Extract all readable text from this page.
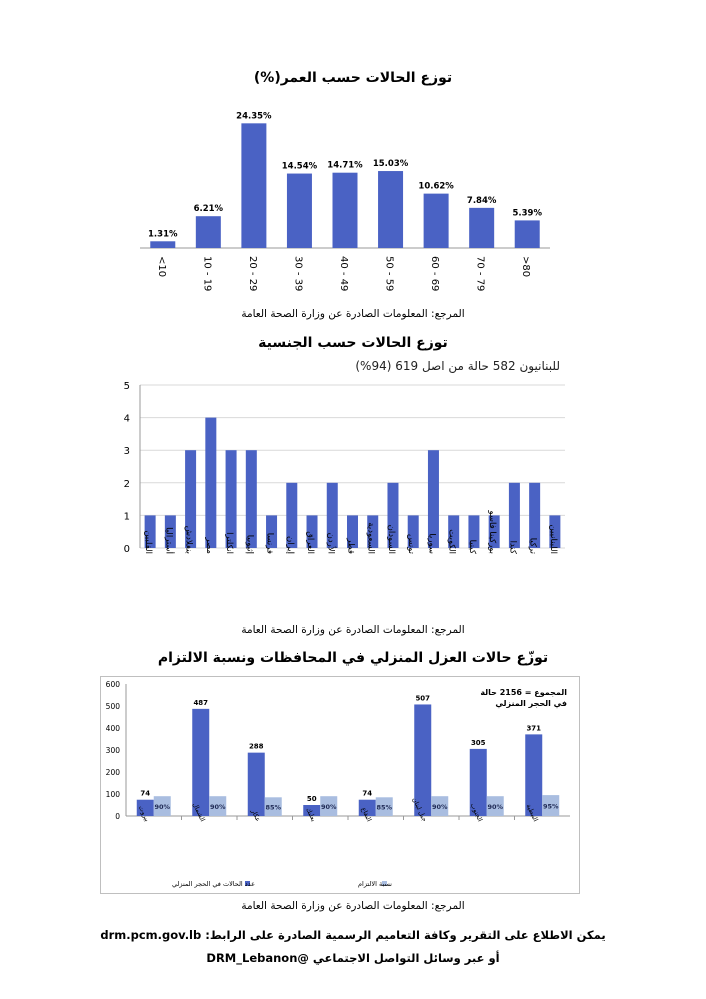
توزع الحالات حسب العمر(%)
1.31%
<10
6.21%
10 - 19
24.35%
20 - 29
14.54%
30 - 39
14.71%
40 - 49
15.03%
50 - 59
10.62%
60 - 69
7.84%
70 - 79
5.39%
>80
المرجع: المعلومات الصادرة عن وزارة الصحة العامة
توزع الحالات حسب الجنسية
للبنانيون 582 حالة من اصل 619 (94%)
0
1
2
3
4
5
الفلبين أستراليا بنغلادش مصر انكلترا إثيوبيا فرنسا إيران العراق الأردن قطر السعودية السودان تونس سوريا الكويت كينيا بوركينا فاسو كندا تركيا اللبنانيين
المرجع: المعلومات الصادرة عن وزارة الصحة العامة
توزّع حالات العزل المنزلي في المحافظات ونسبة الالتزام
0
100
200
300
400
500
600
74
90%
بيروت
487
90%
الشمال
288
85%
عكار
50
90%
بعلبك
74
85%
البقاع
507
90%
جبل لبنان
305
90%
الجنوب
371
95%
النبطية
عدد الحالات في الحجر المنزلي	نسبة الالتزام
المجموع = 2156 حالة في الحجر المنزلي
المرجع: المعلومات الصادرة عن وزارة الصحة العامة
يمكن الاطلاع على التقرير وكافة التعاميم الرسمية الصادرة على الرابط: drm.pcm.gov.lb
أو عبر وسائل التواصل الاجتماعي @DRM_Lebanon
